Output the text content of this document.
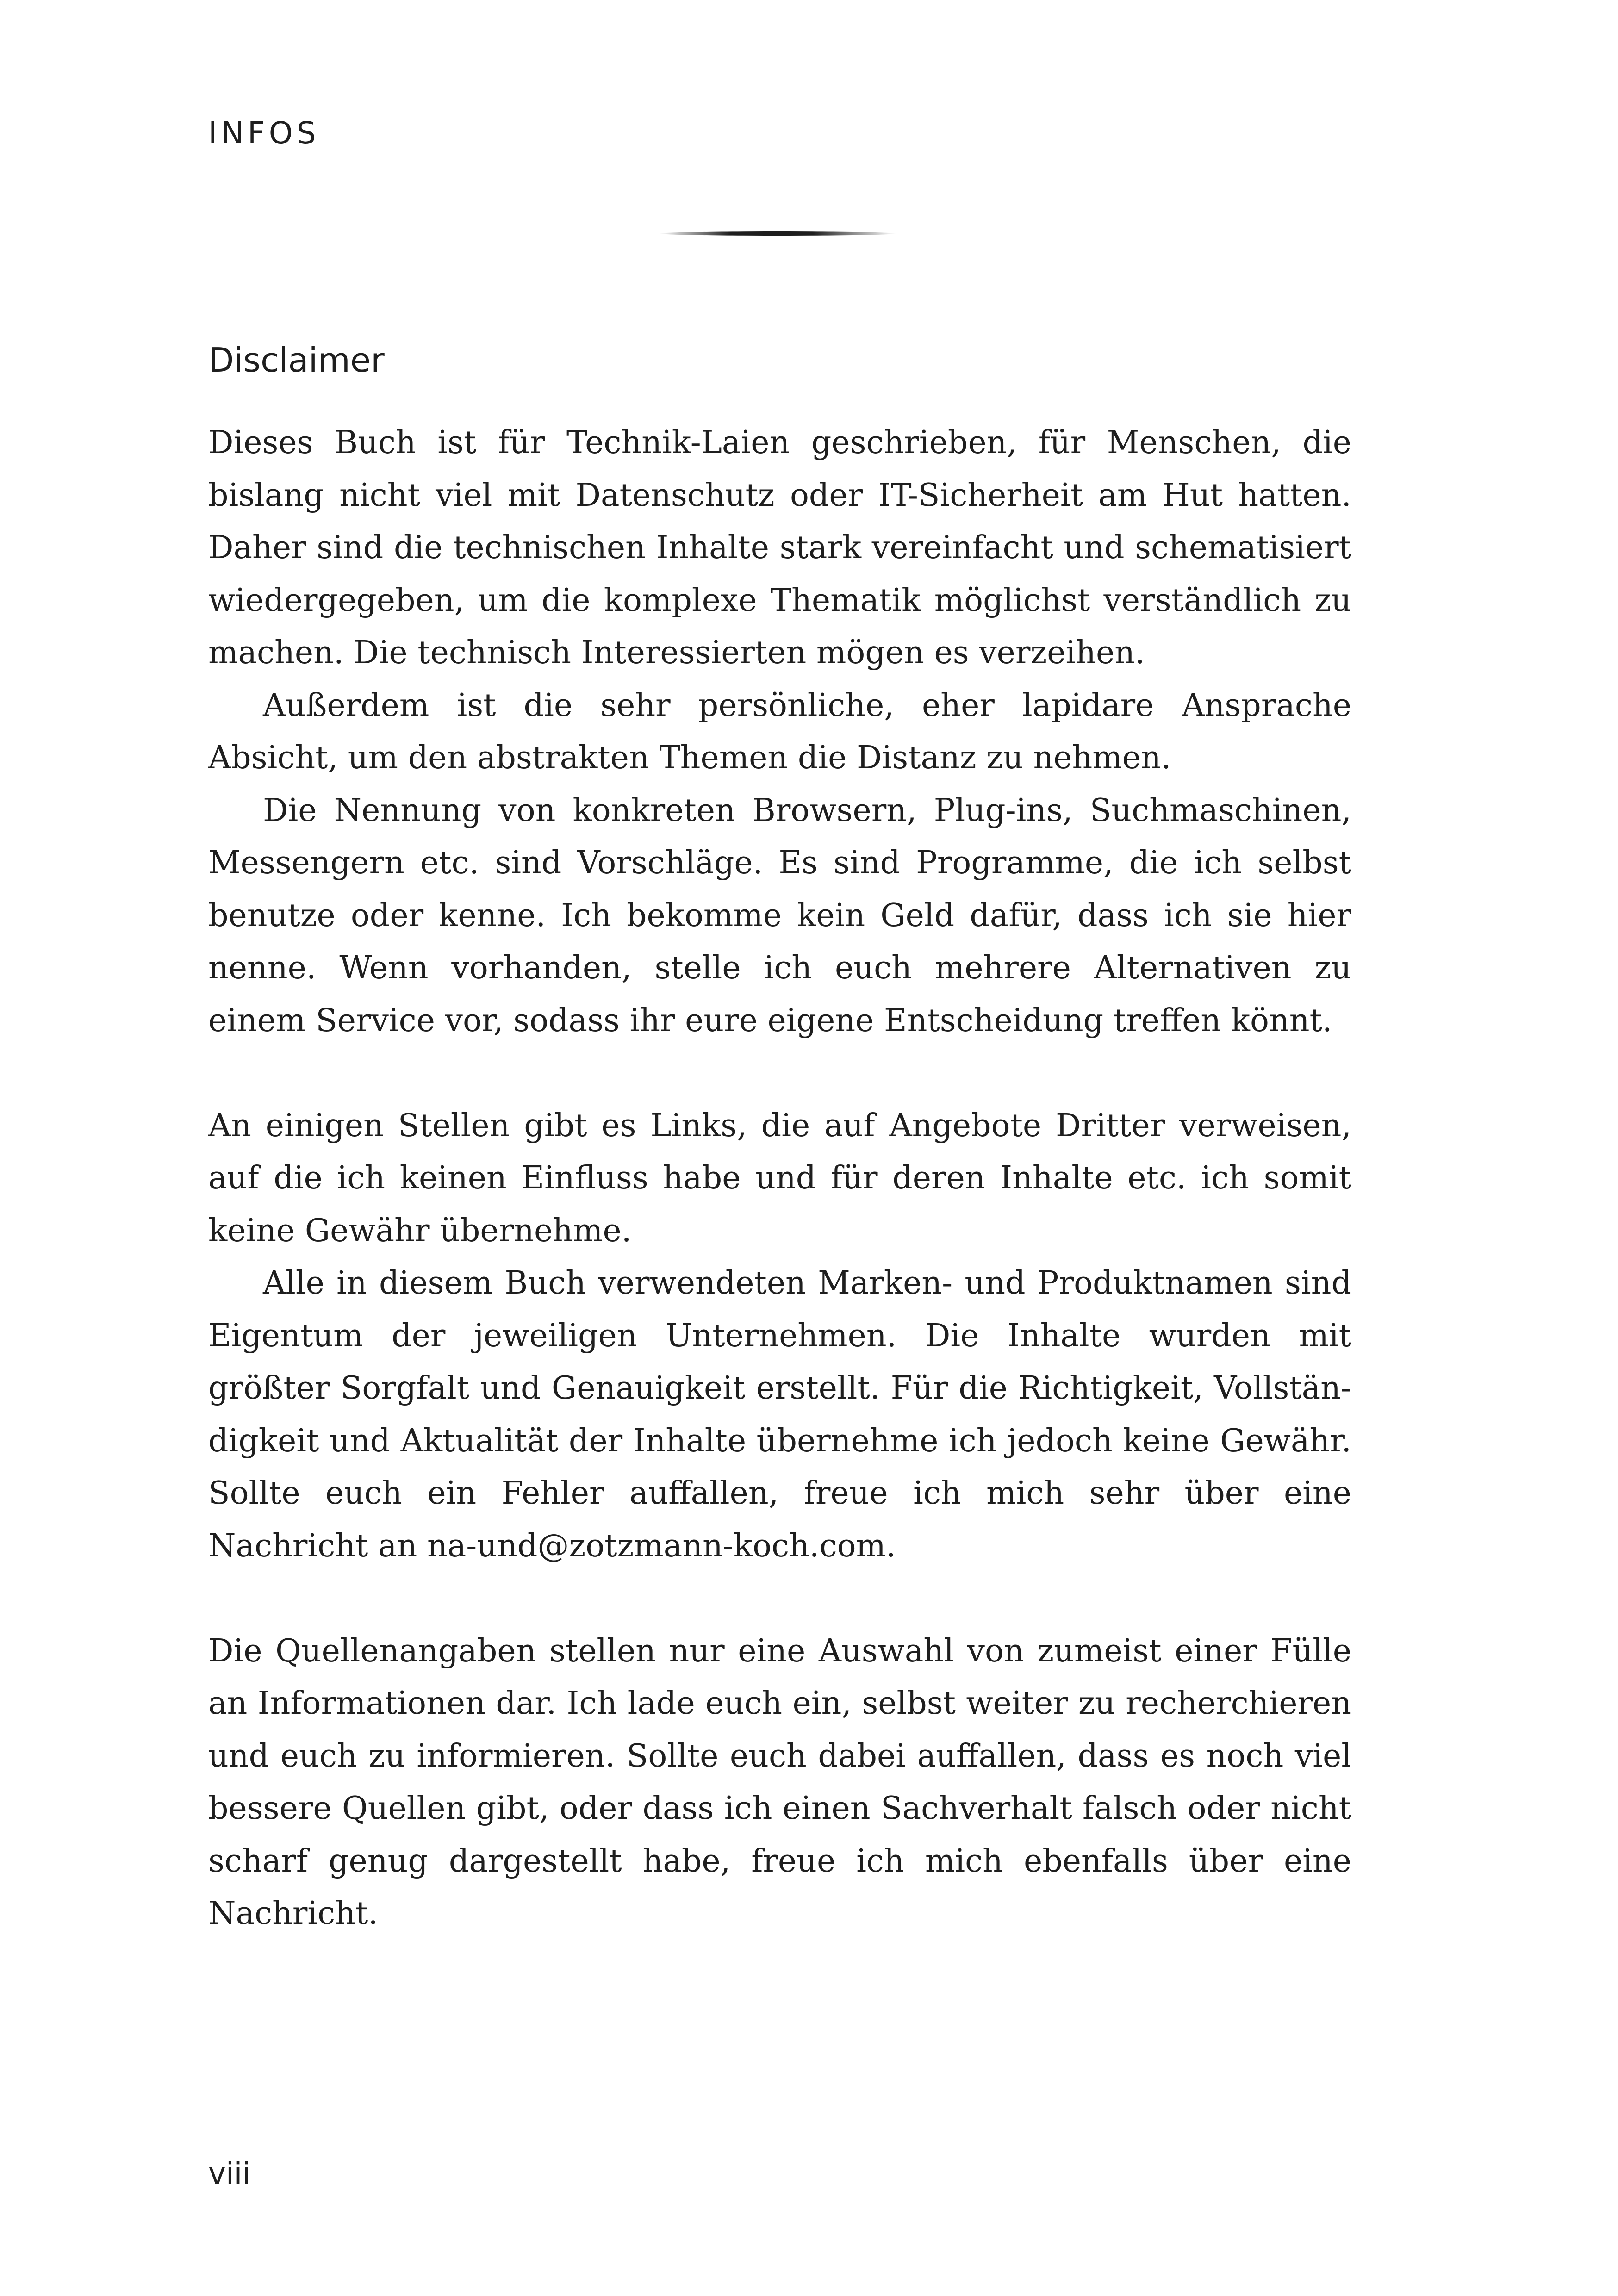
INFOS
Disclaimer

Dieses Buch ist für Technik-Laien geschrieben, für Menschen, die bislang nicht viel mit Datenschutz oder IT-Sicherheit am Hut hatten. Daher sind die technischen Inhalte stark vereinfacht und schematisiert wiedergegeben, um die komplexe Thematik möglichst verständlich zu machen. Die technisch Interessierten mögen es verzeihen.

Außerdem ist die sehr persönliche, eher lapidare Ansprache Absicht, um den abstrakten Themen die Distanz zu nehmen.

Die Nennung von konkreten Browsern, Plug-ins, Suchmaschinen, Messengern etc. sind Vorschläge. Es sind Programme, die ich selbst benutze oder kenne. Ich bekomme kein Geld dafür, dass ich sie hier nenne. Wenn vorhanden, stelle ich euch mehrere Alternativen zu einem Service vor, sodass ihr eure eigene Entscheidung treffen könnt.

An einigen Stellen gibt es Links, die auf Angebote Dritter verweisen, auf die ich keinen Einfluss habe und für deren Inhalte etc. ich somit keine Gewähr übernehme.

Alle in diesem Buch verwendeten Marken- und Produktnamen sind Eigentum der jeweiligen Unternehmen. Die Inhalte wurden mit größter Sorgfalt und Genauigkeit erstellt. Für die Richtigkeit, Vollständigkeit und Aktualität der Inhalte übernehme ich jedoch keine Gewähr. Sollte euch ein Fehler auffallen, freue ich mich sehr über eine Nachricht an na-und@zotzmann-koch.com.

Die Quellenangaben stellen nur eine Auswahl von zumeist einer Fülle an Informationen dar. Ich lade euch ein, selbst weiter zu recherchieren und euch zu informieren. Sollte euch dabei auffallen, dass es noch viel bessere Quellen gibt, oder dass ich einen Sachverhalt falsch oder nicht scharf genug dargestellt habe, freue ich mich ebenfalls über eine Nachricht.

viii
